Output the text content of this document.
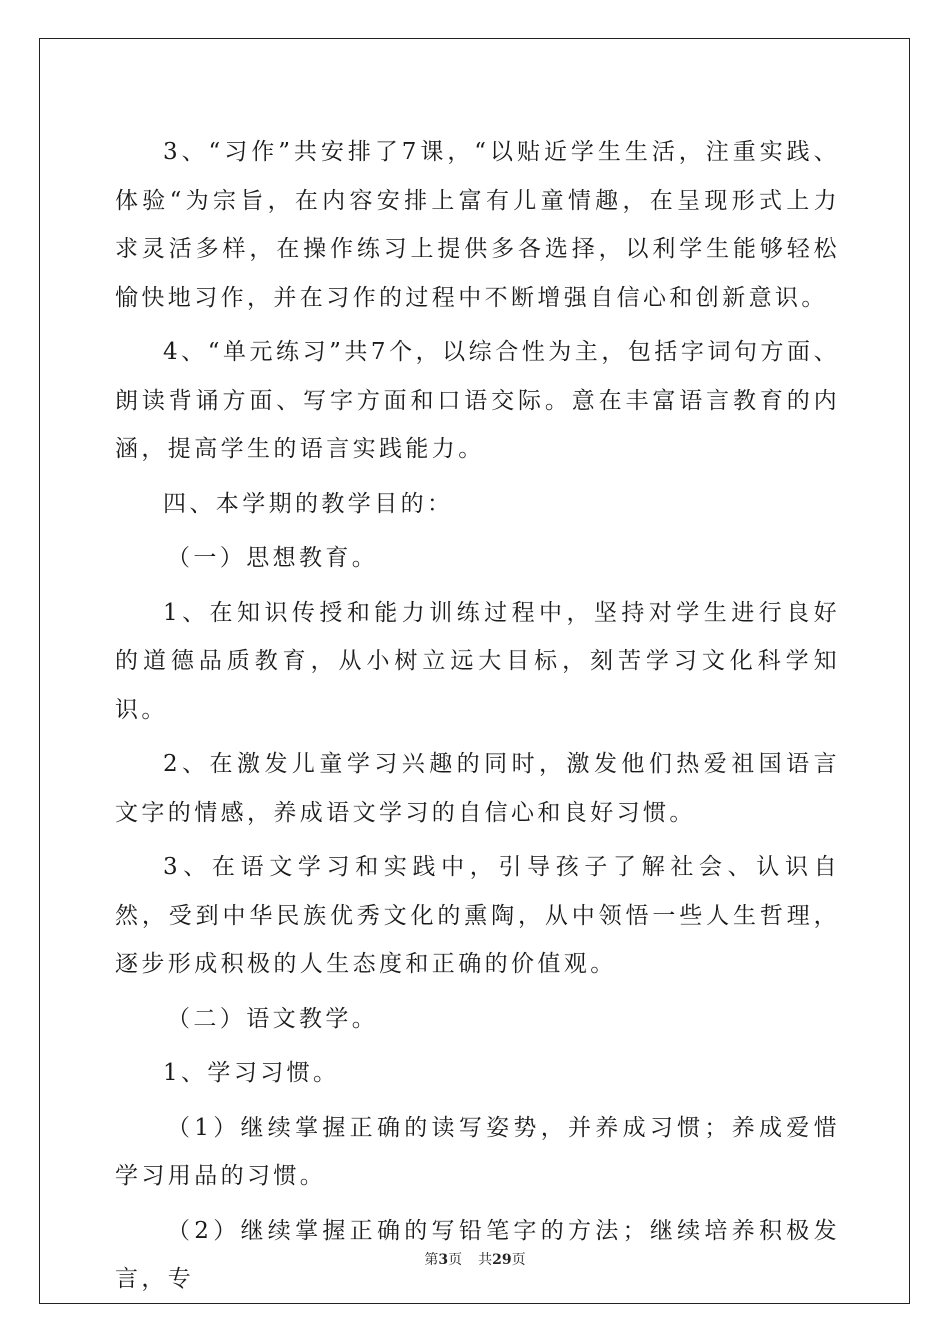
3、“习作”共安排了7课，“以贴近学生生活，注重实践、体验“为宗旨，在内容安排上富有儿童情趣，在呈现形式上力求灵活多样，在操作练习上提供多各选择，以利学生能够轻松愉快地习作，并在习作的过程中不断增强自信心和创新意识。

4、“单元练习”共7个，以综合性为主，包括字词句方面、朗读背诵方面、写字方面和口语交际。意在丰富语言教育的内涵，提高学生的语言实践能力。

四、本学期的教学目的：

（一）思想教育。

1、在知识传授和能力训练过程中，坚持对学生进行良好的道德品质教育，从小树立远大目标，刻苦学习文化科学知识。

2、在激发儿童学习兴趣的同时，激发他们热爱祖国语言文字的情感，养成语文学习的自信心和良好习惯。

3、在语文学习和实践中，引导孩子了解社会、认识自然，受到中华民族优秀文化的熏陶，从中领悟一些人生哲理，逐步形成积极的人生态度和正确的价值观。

（二）语文教学。

1、学习习惯。

（1）继续掌握正确的读写姿势，并养成习惯；养成爱惜学习用品的习惯。

（2）继续掌握正确的写铅笔字的方法；继续培养积极发言，专

第3页 共29页
